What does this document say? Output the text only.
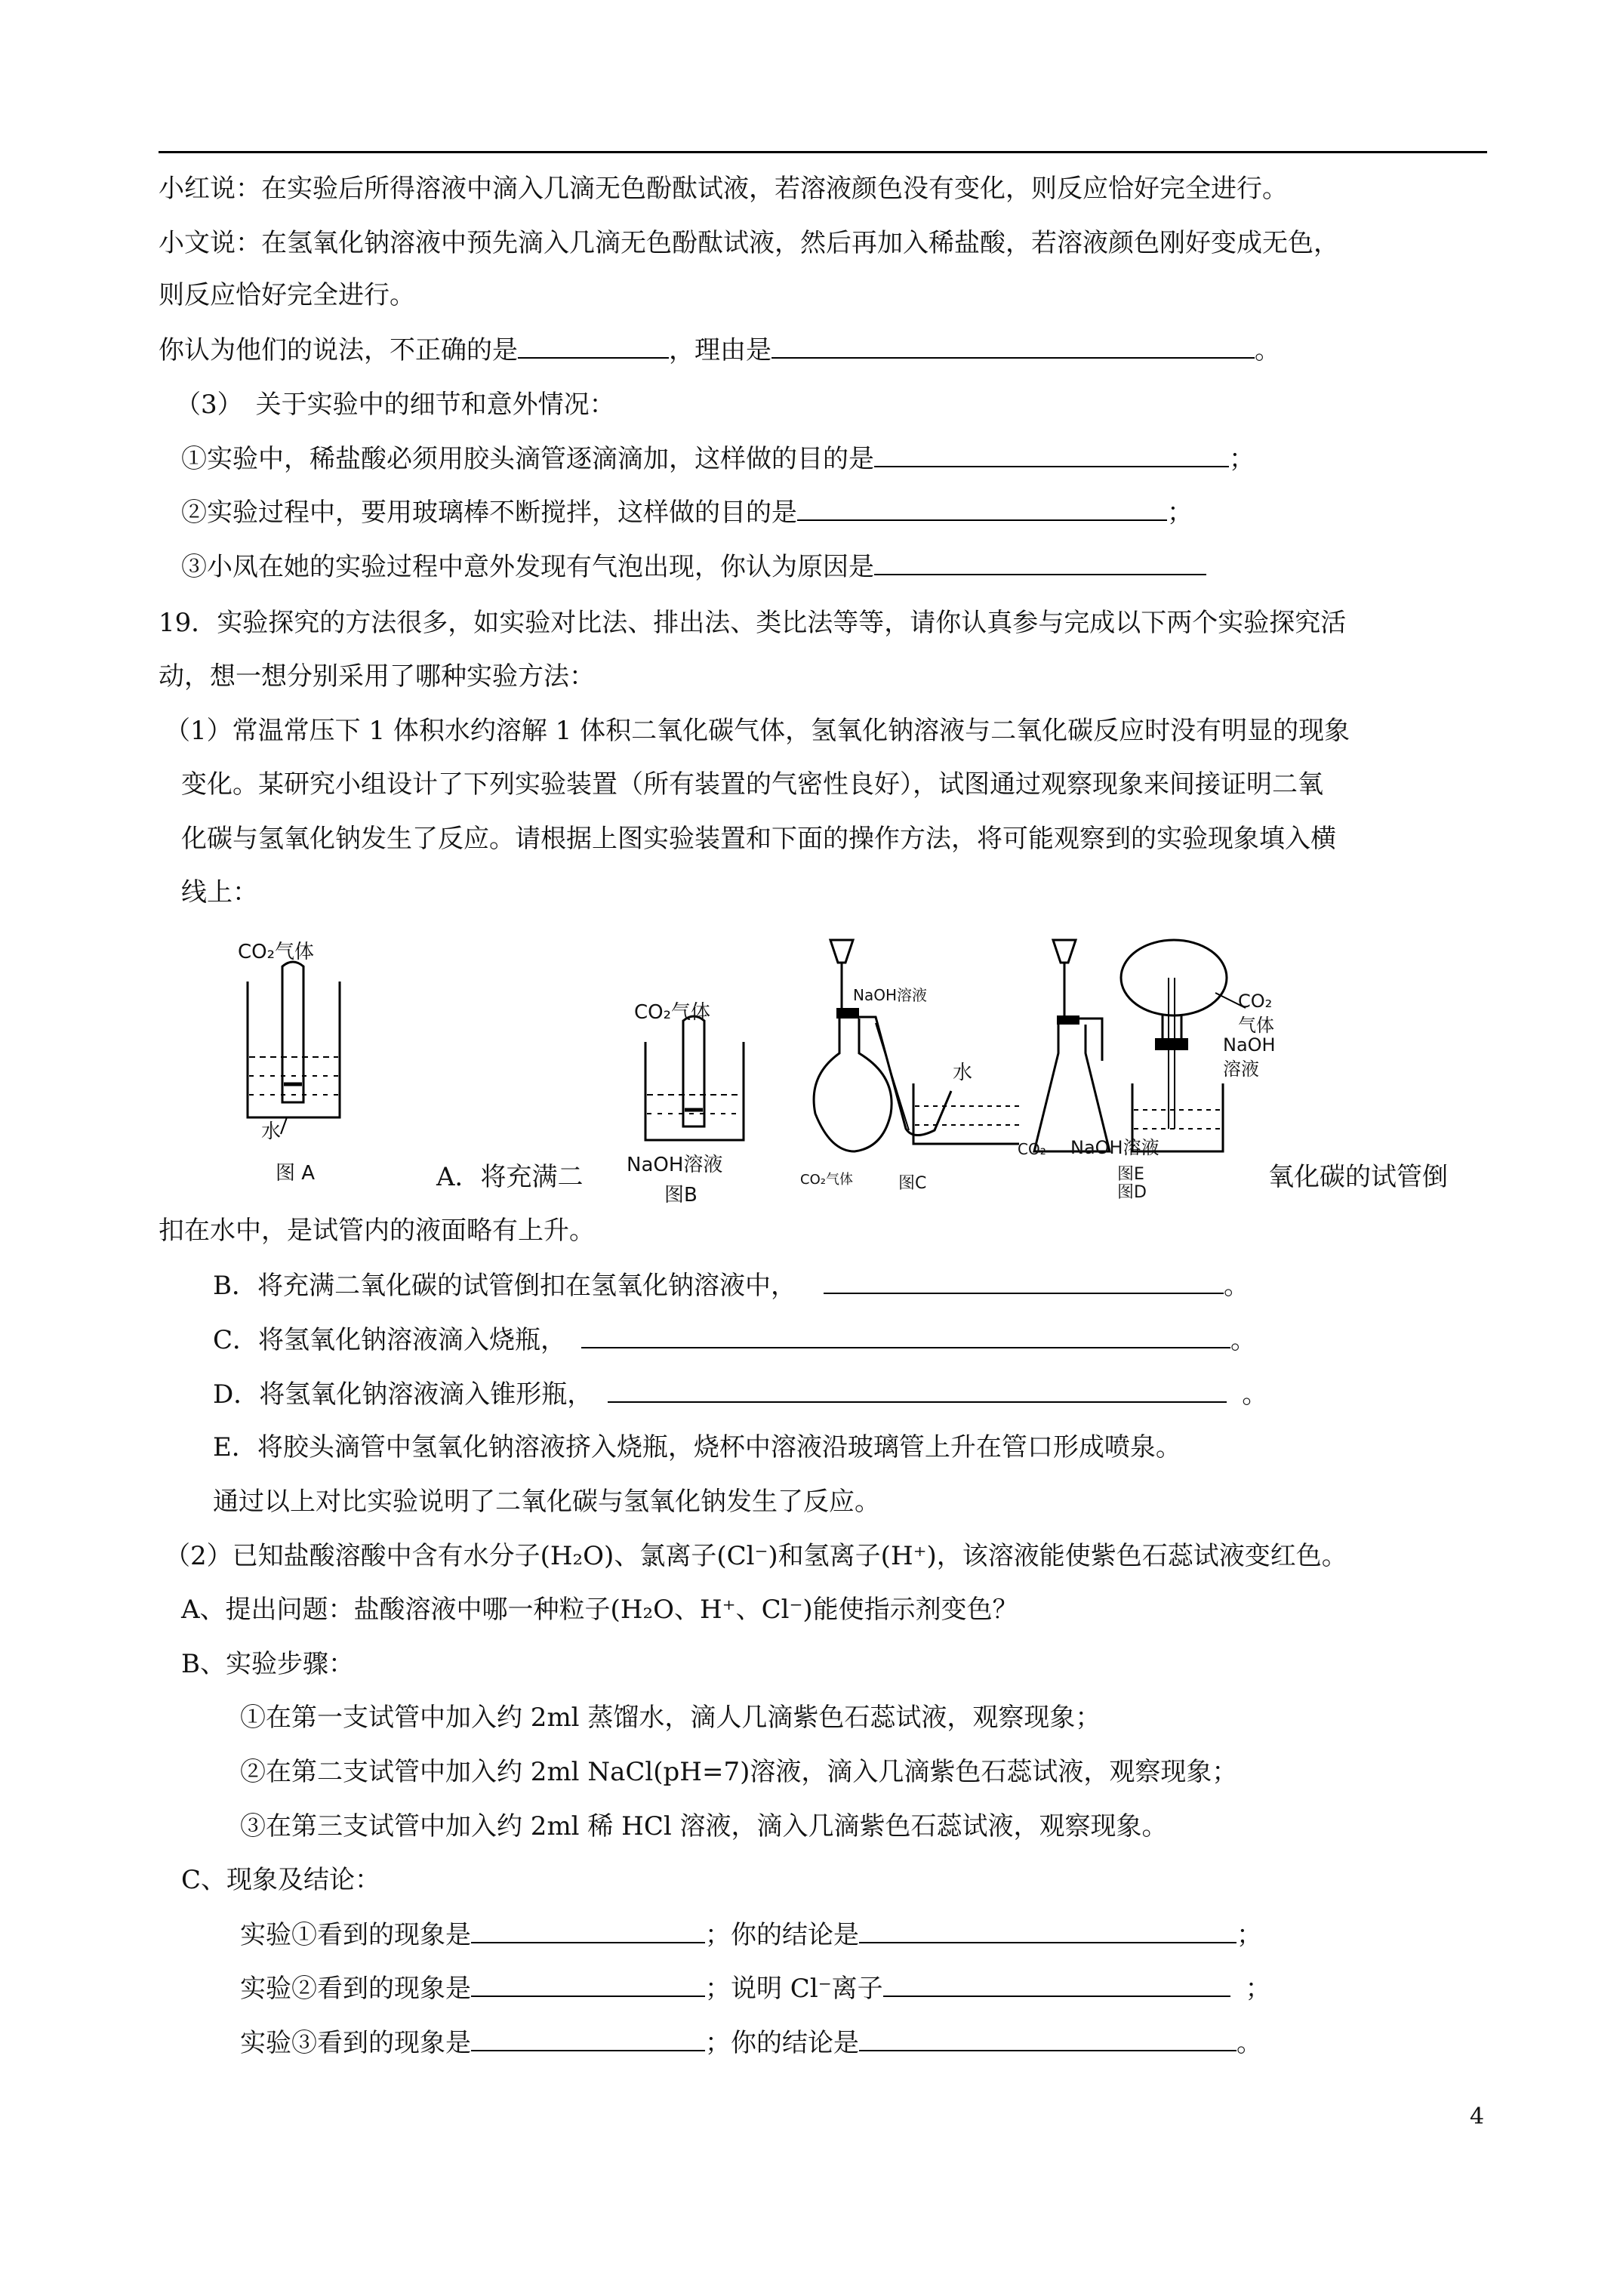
小红说：在实验后所得溶液中滴入几滴无色酚酞试液，若溶液颜色没有变化，则反应恰好完全进行。
小文说：在氢氧化钠溶液中预先滴入几滴无色酚酞试液，然后再加入稀盐酸，若溶液颜色刚好变成无色，
则反应恰好完全进行。
你认为他们的说法，不正确的是	，理由是	。
（3）　关于实验中的细节和意外情况：
①实验中，稀盐酸必须用胶头滴管逐滴滴加，这样做的目的是	；
②实验过程中，要用玻璃棒不断搅拌，这样做的目的是	；
③小凤在她的实验过程中意外发现有气泡出现，你认为原因是
19．实验探究的方法很多，如实验对比法、排出法、类比法等等，请你认真参与完成以下两个实验探究活
动，想一想分别采用了哪种实验方法：
（1）常温常压下 1 体积水约溶解 1 体积二氧化碳气体，氢氧化钠溶液与二氧化碳反应时没有明显的现象
变化。某研究小组设计了下列实验装置（所有装置的气密性良好），试图通过观察现象来间接证明二氧
化碳与氢氧化钠发生了反应。请根据上图实验装置和下面的操作方法，将可能观察到的实验现象填入横
线上：
CO₂气体
水
图 A	A．将充满二	氧化碳的试管倒
CO₂气体
NaOH溶液
图B
NaOH溶液
水
CO₂气体	图C
CO₂
气体
NaOH
溶液
CO₂ NaOH溶液
图E
图D
扣在水中，是试管内的液面略有上升。
B．将充满二氧化碳的试管倒扣在氢氧化钠溶液中，	。
C．将氢氧化钠溶液滴入烧瓶，	。
D．将氢氧化钠溶液滴入锥形瓶，	。
E．将胶头滴管中氢氧化钠溶液挤入烧瓶，烧杯中溶液沿玻璃管上升在管口形成喷泉。
通过以上对比实验说明了二氧化碳与氢氧化钠发生了反应。
（2）已知盐酸溶酸中含有水分子(H₂O)、氯离子(Cl⁻)和氢离子(H⁺)，该溶液能使紫色石蕊试液变红色。
A、提出问题：盐酸溶液中哪一种粒子(H₂O、H⁺、Cl⁻)能使指示剂变色？
B、实验步骤：
①在第一支试管中加入约 2ml 蒸馏水，滴人几滴紫色石蕊试液，观察现象；
②在第二支试管中加入约 2ml NaCl(pH=7)溶液，滴入几滴紫色石蕊试液，观察现象；
③在第三支试管中加入约 2ml 稀 HCl 溶液，滴入几滴紫色石蕊试液，观察现象。
C、现象及结论：
实验①看到的现象是	；你的结论是	；
实验②看到的现象是	；说明 Cl⁻离子	；
实验③看到的现象是	；你的结论是	。
4
